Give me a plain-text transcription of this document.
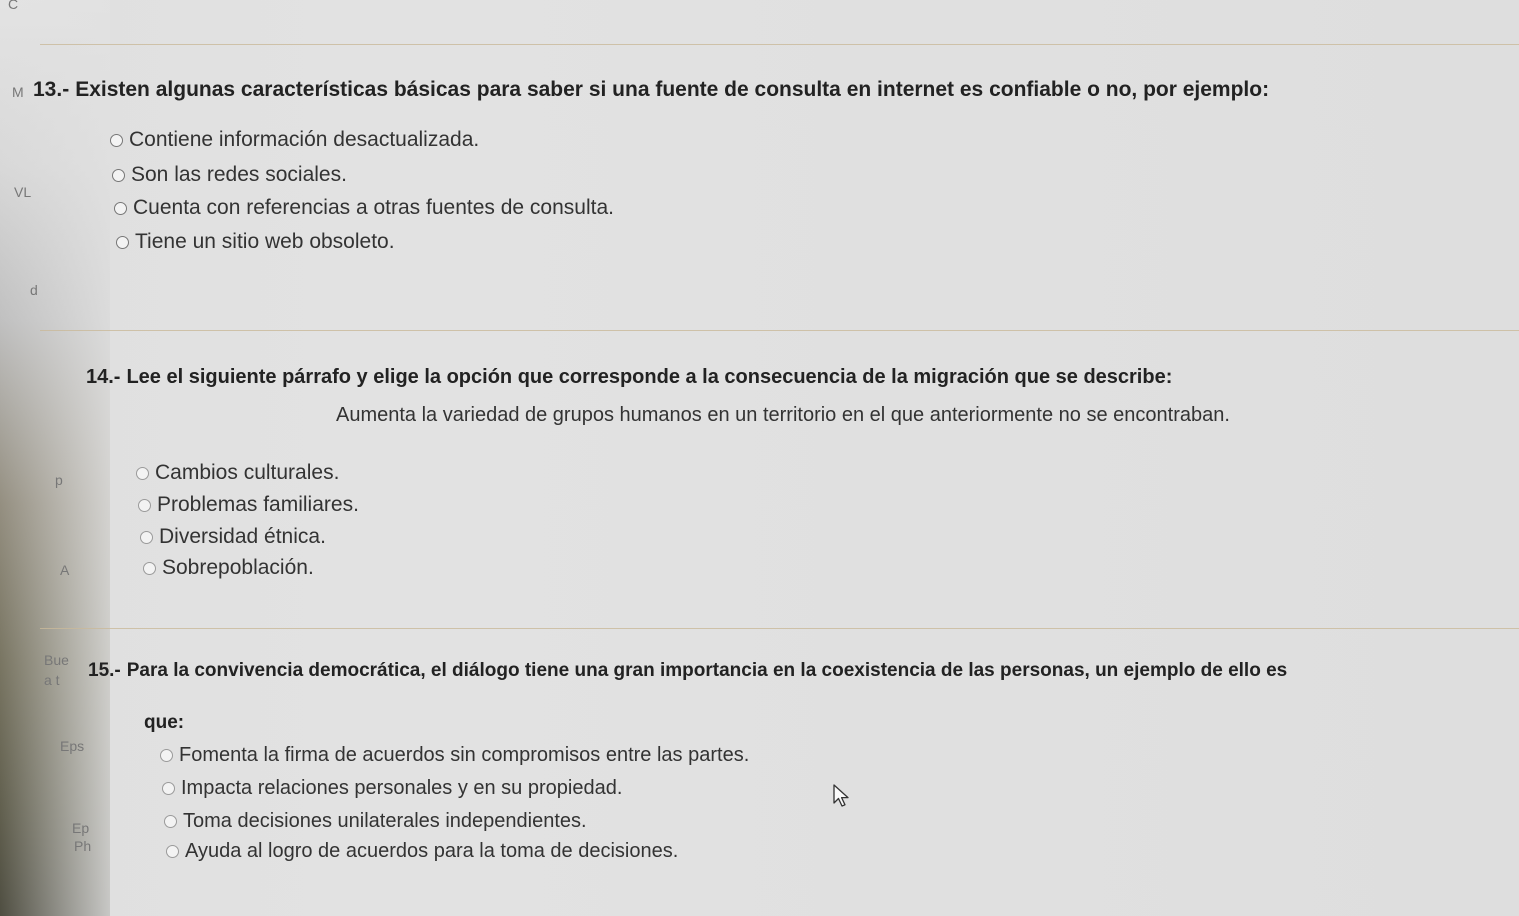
C
M
VL
d
p
A
Bue
a t
Eps
Ep
Ph
13.- Existen algunas características básicas para saber si una fuente de consulta en internet es confiable o no, por ejemplo:
Contiene información desactualizada.
Son las redes sociales.
Cuenta con referencias a otras fuentes de consulta.
Tiene un sitio web obsoleto.
14.- Lee el siguiente párrafo y elige la opción que corresponde a la consecuencia de la migración que se describe:
Aumenta la variedad de grupos humanos en un territorio en el que anteriormente no se encontraban.
Cambios culturales.
Problemas familiares.
Diversidad étnica.
Sobrepoblación.
15.- Para la convivencia democrática, el diálogo tiene una gran importancia en la coexistencia de las personas, un ejemplo de ello es
que:
Fomenta la firma de acuerdos sin compromisos entre las partes.
Impacta relaciones personales y en su propiedad.
Toma decisiones unilaterales independientes.
Ayuda al logro de acuerdos para la toma de decisiones.
